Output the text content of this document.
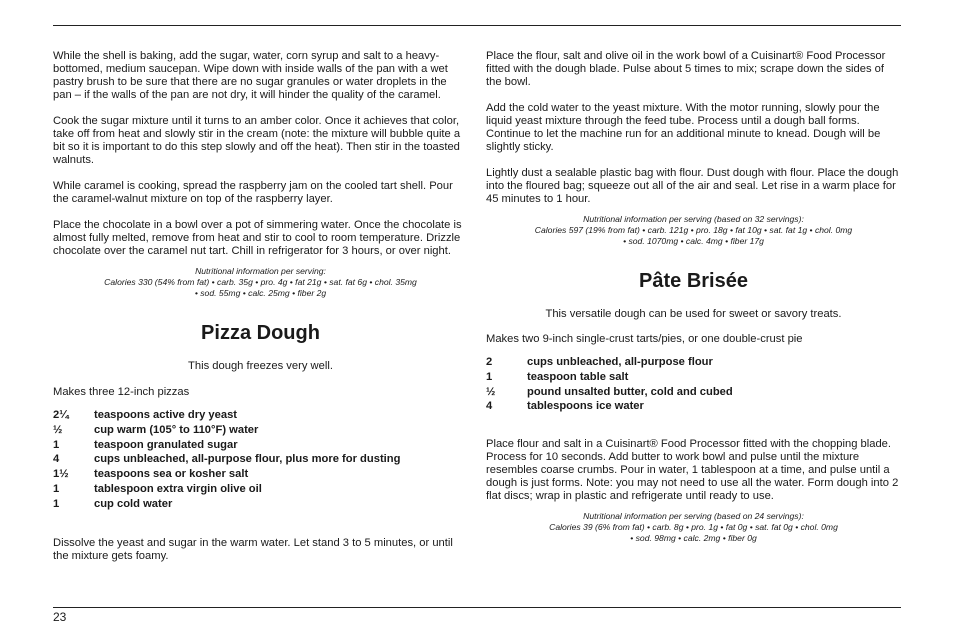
While the shell is baking, add the sugar, water, corn syrup and salt to a heavy-bottomed, medium saucepan. Wipe down with inside walls of the pan with a wet pastry brush to be sure that there are no sugar granules or water droplets in the pan – if the walls of the pan are not dry, it will hinder the quality of the caramel.

Cook the sugar mixture until it turns to an amber color. Once it achieves that color, take off from heat and slowly stir in the cream (note: the mixture will bubble quite a bit so it is important to do this step slowly and off the heat). Then stir in the toasted walnuts.

While caramel is cooking, spread the raspberry jam on the cooled tart shell. Pour the caramel-walnut mixture on top of the raspberry layer.

Place the chocolate in a bowl over a pot of simmering water. Once the chocolate is almost fully melted, remove from heat and stir to cool to room temperature. Drizzle chocolate over the caramel nut tart. Chill in refrigerator for 3 hours, or over night.

Nutritional information per serving:
Calories 330 (54% from fat) • carb. 35g • pro. 4g • fat 21g • sat. fat 6g • chol. 35mg
• sod. 55mg • calc. 25mg • fiber 2g
Pizza Dough

This dough freezes very well.

Makes three 12-inch pizzas

2¼	teaspoons active dry yeast
½	cup warm (105° to 110°F) water
1	teaspoon granulated sugar
4	cups unbleached, all-purpose flour, plus more for dusting
1½	teaspoons sea or kosher salt
1	tablespoon extra virgin olive oil
1	cup cold water

Dissolve the yeast and sugar in the warm water. Let stand 3 to 5 minutes, or until the mixture gets foamy.

Place the flour, salt and olive oil in the work bowl of a Cuisinart® Food Processor fitted with the dough blade. Pulse about 5 times to mix; scrape down the sides of the bowl.

Add the cold water to the yeast mixture. With the motor running, slowly pour the liquid yeast mixture through the feed tube. Process until a dough ball forms. Continue to let the machine run for an additional minute to knead. Dough will be slightly sticky.

Lightly dust a sealable plastic bag with flour. Dust dough with flour. Place the dough into the floured bag; squeeze out all of the air and seal. Let rise in a warm place for 45 minutes to 1 hour.

Nutritional information per serving (based on 32 servings):
Calories 597 (19% from fat) • carb. 121g • pro. 18g • fat 10g • sat. fat 1g • chol. 0mg
• sod. 1070mg • calc. 4mg • fiber 17g
Pâte Brisée

This versatile dough can be used for sweet or savory treats.

Makes two 9-inch single-crust tarts/pies, or one double-crust pie

2	cups unbleached, all-purpose flour
1	teaspoon table salt
½	pound unsalted butter, cold and cubed
4	tablespoons ice water

Place flour and salt in a Cuisinart® Food Processor fitted with the chopping blade. Process for 10 seconds. Add butter to work bowl and pulse until the mixture resembles coarse crumbs. Pour in water, 1 tablespoon at a time, and pulse until a dough is just forms. Note: you may not need to use all the water. Form dough into 2 flat discs; wrap in plastic and refrigerate until ready to use.

Nutritional information per serving (based on 24 servings):
Calories 39 (6% from fat) • carb. 8g • pro. 1g • fat 0g • sat. fat 0g • chol. 0mg
• sod. 98mg • calc. 2mg • fiber 0g
23
